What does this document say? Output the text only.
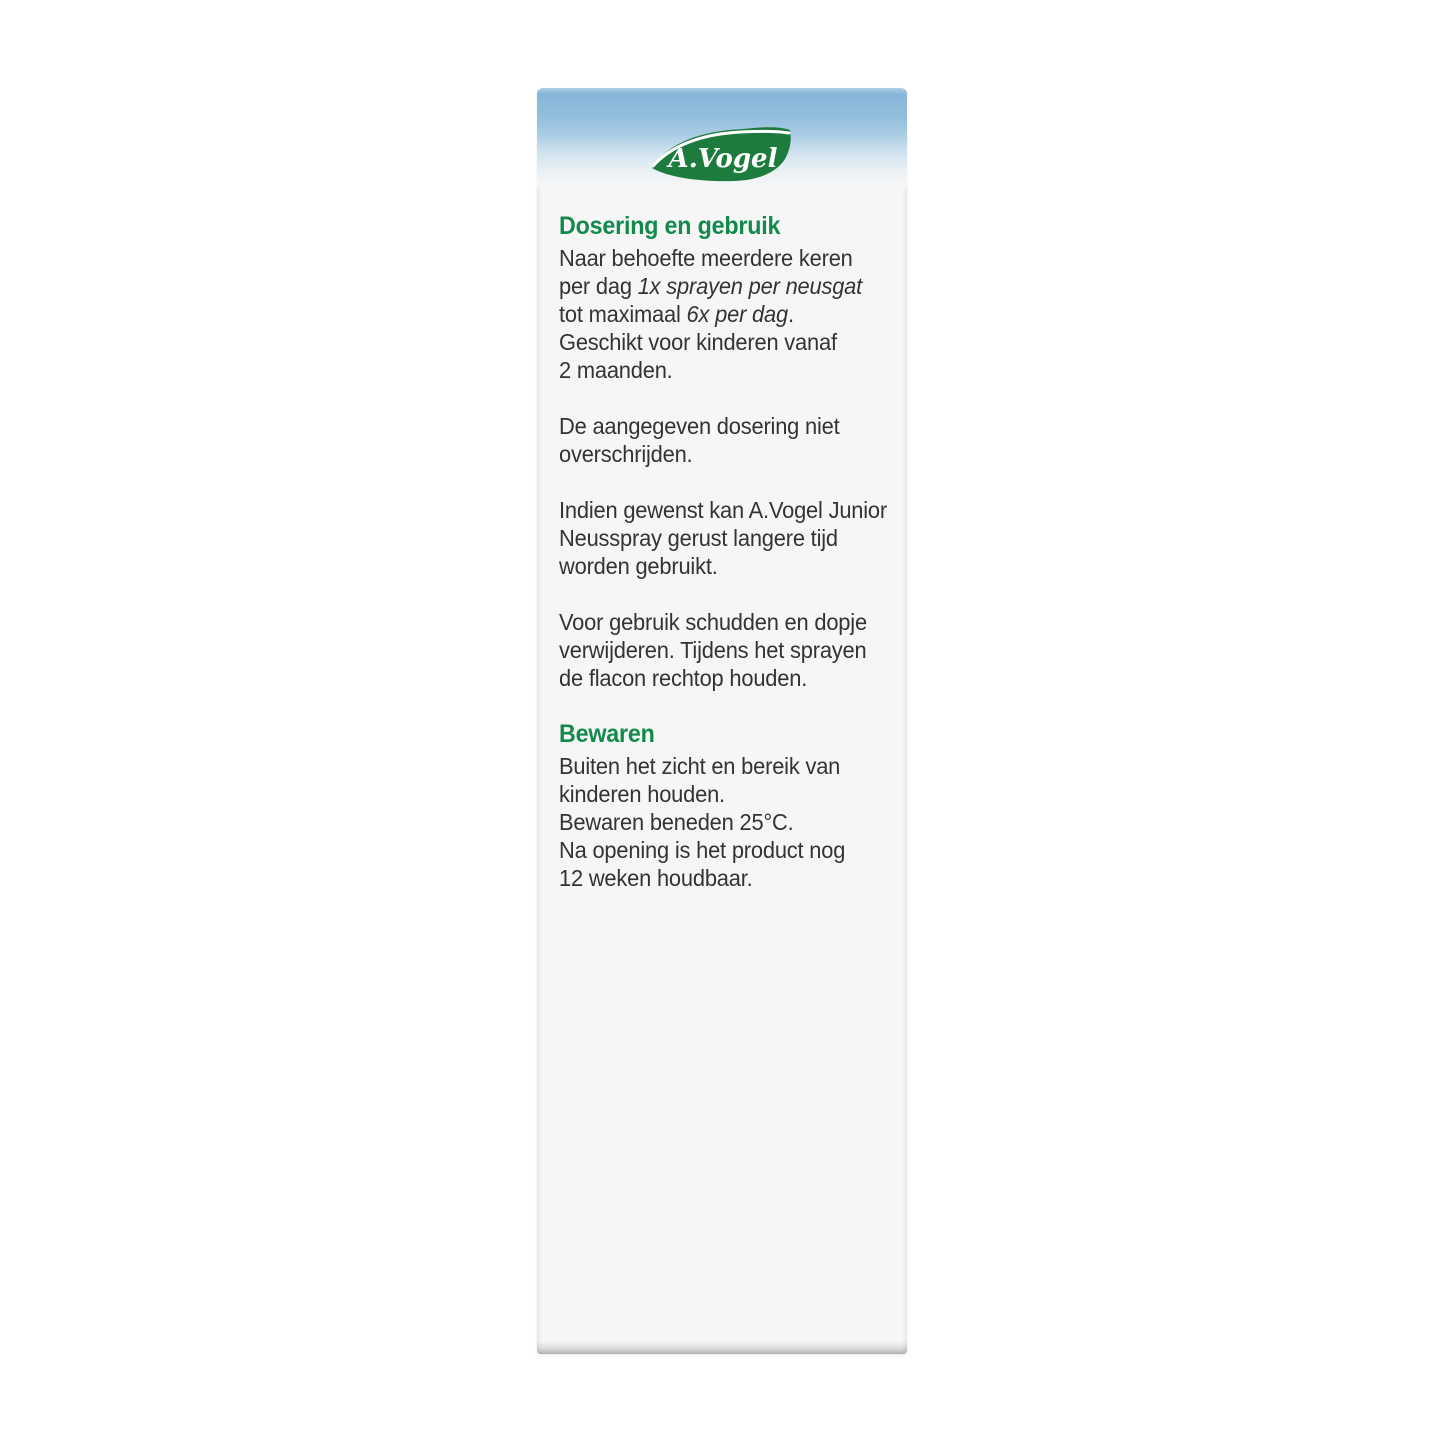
A.Vogel
Dosering en gebruik
Naar behoefte meerdere keren
per dag 1x sprayen per neusgat
tot maximaal 6x per dag.
Geschikt voor kinderen vanaf
2 maanden.
De aangegeven dosering niet
overschrijden.
Indien gewenst kan A.Vogel Junior
Neusspray gerust langere tijd
worden gebruikt.
Voor gebruik schudden en dopje
verwijderen. Tijdens het sprayen
de flacon rechtop houden.
Bewaren
Buiten het zicht en bereik van
kinderen houden.
Bewaren beneden 25°C.
Na opening is het product nog
12 weken houdbaar.
